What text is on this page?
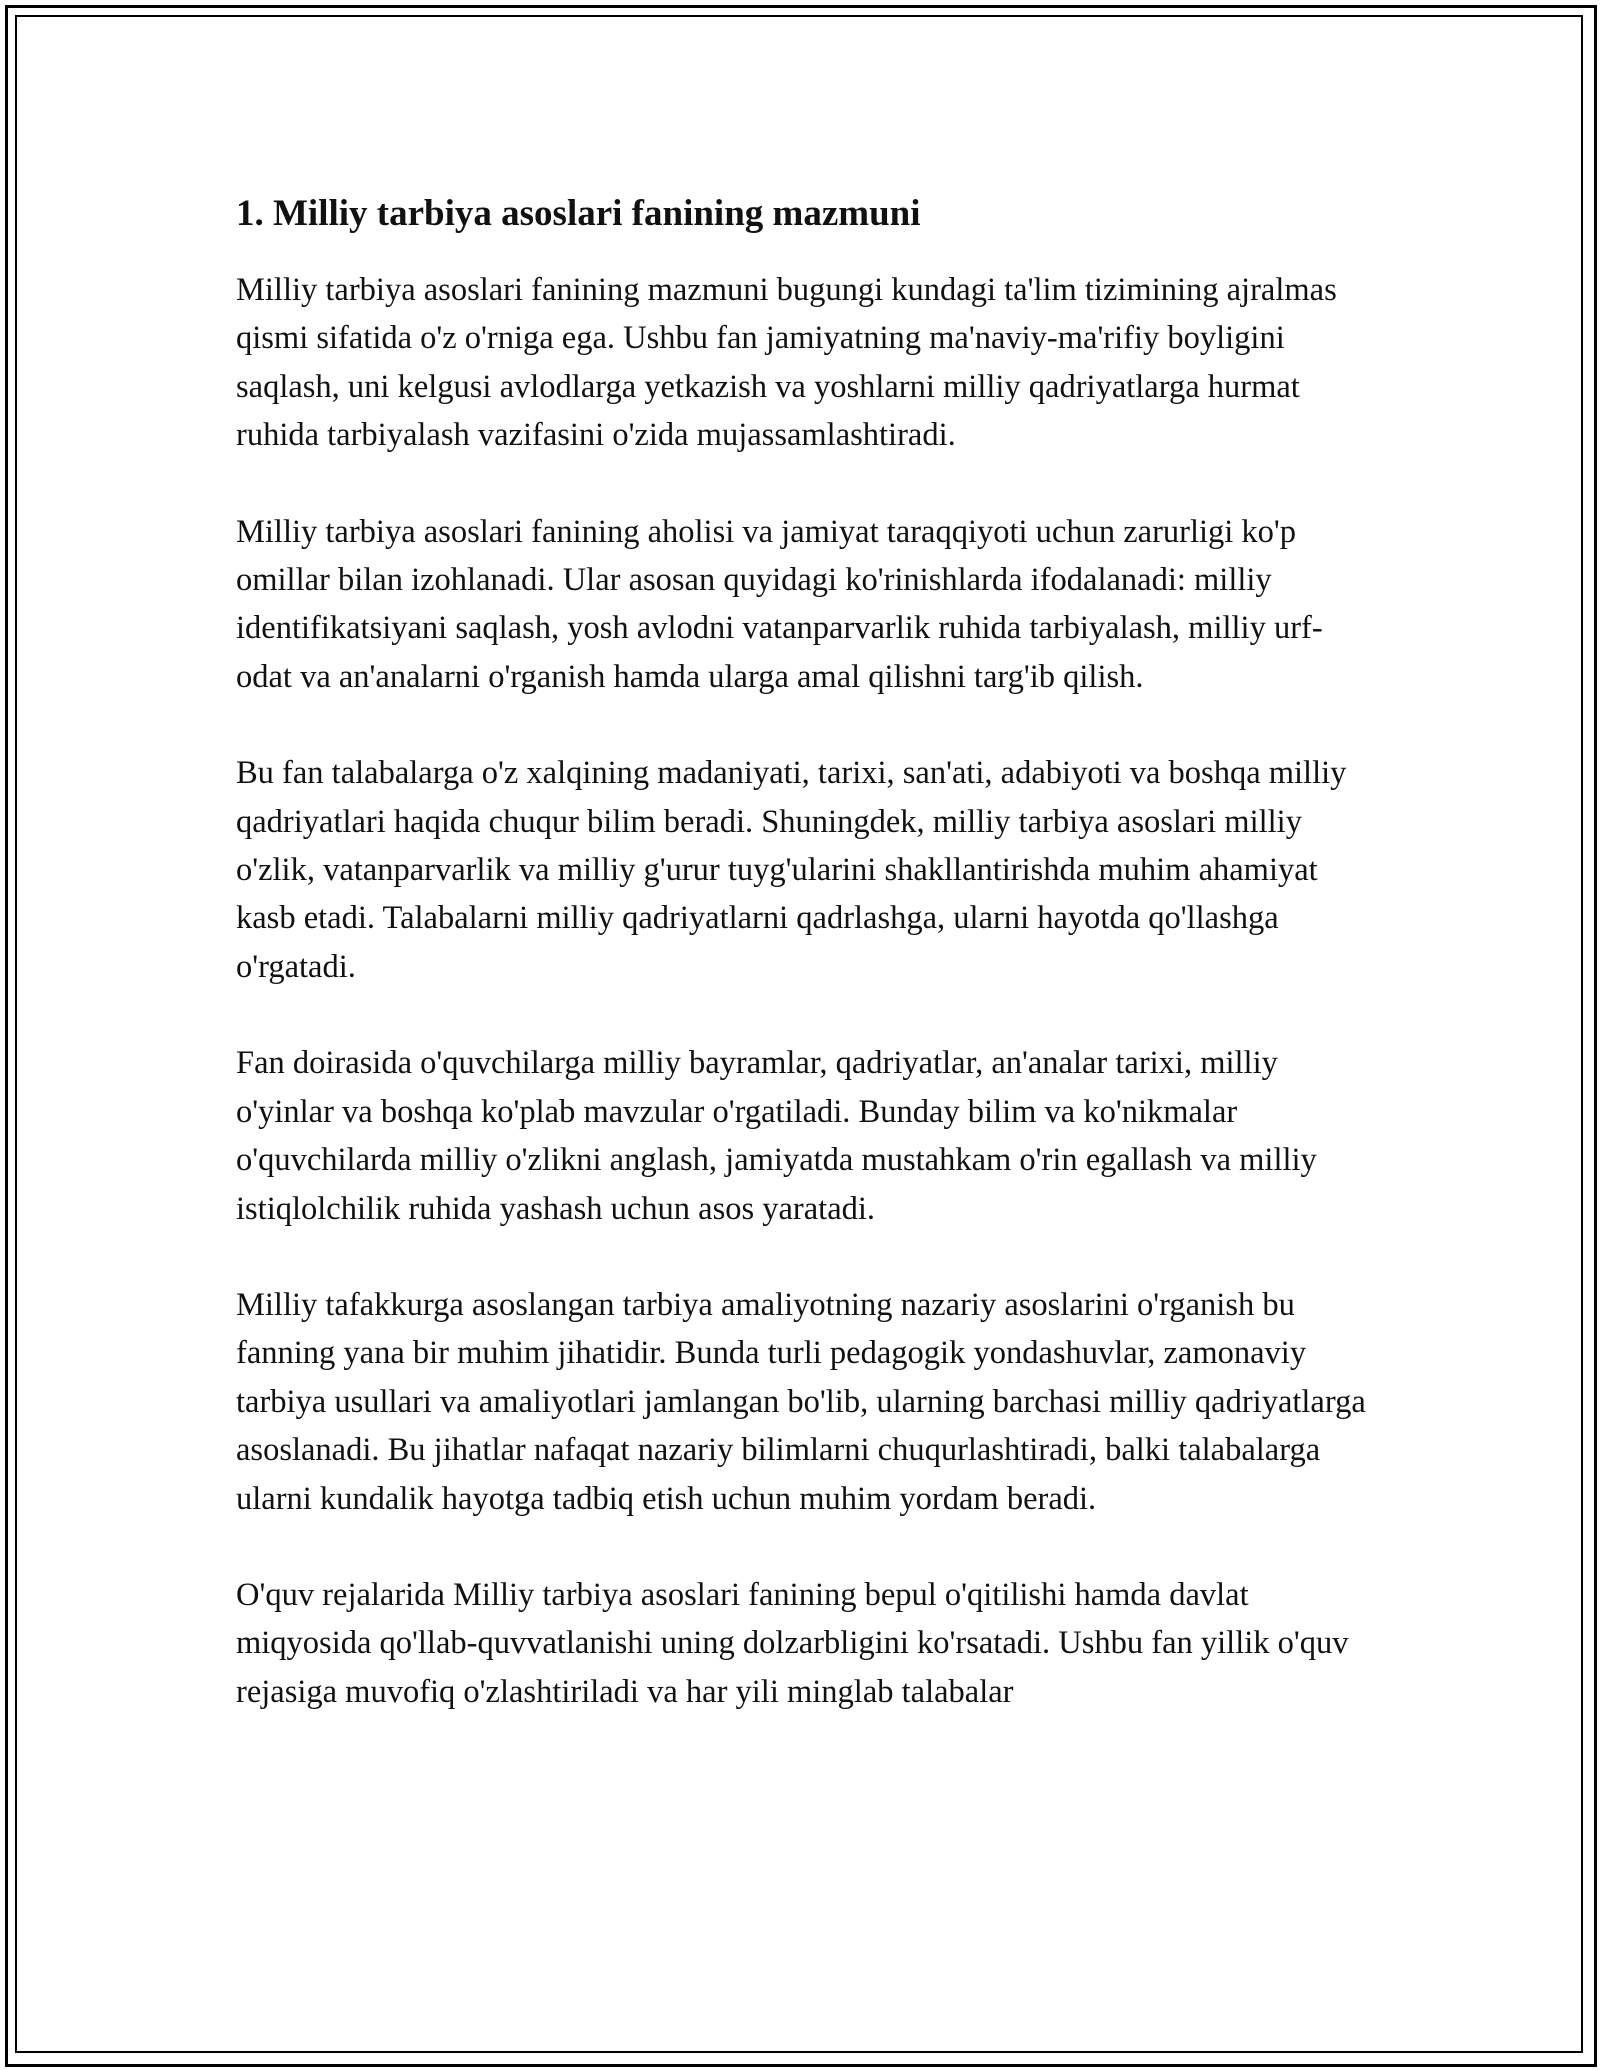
1. Milliy tarbiya asoslari fanining mazmuni

Milliy tarbiya asoslari fanining mazmuni bugungi kundagi ta'lim tizimining ajralmas qismi sifatida o'z o'rniga ega. Ushbu fan jamiyatning ma'naviy-ma'rifiy boyligini saqlash, uni kelgusi avlodlarga yetkazish va yoshlarni milliy qadriyatlarga hurmat ruhida tarbiyalash vazifasini o'zida mujassamlashtiradi.

Milliy tarbiya asoslari fanining aholisi va jamiyat taraqqiyoti uchun zarurligi ko'p omillar bilan izohlanadi. Ular asosan quyidagi ko'rinishlarda ifodalanadi: milliy identifikatsiyani saqlash, yosh avlodni vatanparvarlik ruhida tarbiyalash, milliy urf-odat va an'analarni o'rganish hamda ularga amal qilishni targ'ib qilish.

Bu fan talabalarga o'z xalqining madaniyati, tarixi, san'ati, adabiyoti va boshqa milliy qadriyatlari haqida chuqur bilim beradi. Shuningdek, milliy tarbiya asoslari milliy o'zlik, vatanparvarlik va milliy g'urur tuyg'ularini shakllantirishda muhim ahamiyat kasb etadi. Talabalarni milliy qadriyatlarni qadrlashga, ularni hayotda qo'llashga o'rgatadi.

Fan doirasida o'quvchilarga milliy bayramlar, qadriyatlar, an'analar tarixi, milliy o'yinlar va boshqa ko'plab mavzular o'rgatiladi. Bunday bilim va ko'nikmalar o'quvchilarda milliy o'zlikni anglash, jamiyatda mustahkam o'rin egallash va milliy istiqlolchilik ruhida yashash uchun asos yaratadi.

Milliy tafakkurga asoslangan tarbiya amaliyotning nazariy asoslarini o'rganish bu fanning yana bir muhim jihatidir. Bunda turli pedagogik yondashuvlar, zamonaviy tarbiya usullari va amaliyotlari jamlangan bo'lib, ularning barchasi milliy qadriyatlarga asoslanadi. Bu jihatlar nafaqat nazariy bilimlarni chuqurlashtiradi, balki talabalarga ularni kundalik hayotga tadbiq etish uchun muhim yordam beradi.

O'quv rejalarida Milliy tarbiya asoslari fanining bepul o'qitilishi hamda davlat miqyosida qo'llab-quvvatlanishi uning dolzarbligini ko'rsatadi. Ushbu fan yillik o'quv rejasiga muvofiq o'zlashtiriladi va har yili minglab talabalar
